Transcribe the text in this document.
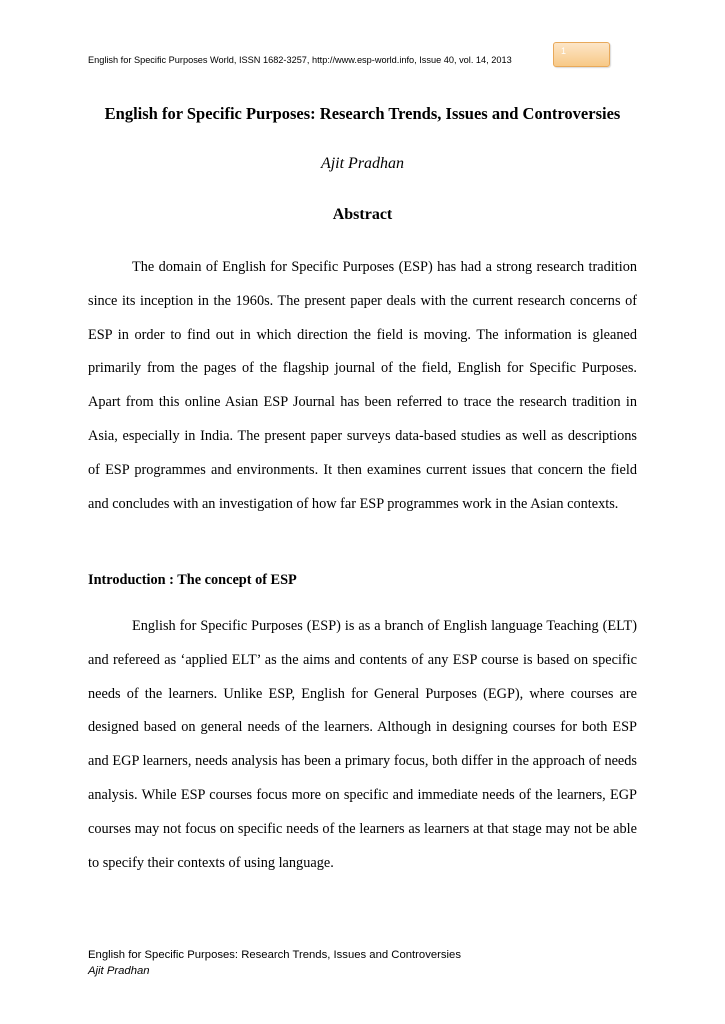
English for Specific Purposes World, ISSN 1682-3257, http://www.esp-world.info, Issue 40, vol. 14, 2013
1
English for Specific Purposes: Research Trends, Issues and Controversies
Ajit Pradhan
Abstract

The domain of English for Specific Purposes (ESP) has had a strong research tradition since its inception in the 1960s. The present paper deals with the current research concerns of ESP in order to find out in which direction the field is moving. The information is gleaned primarily from the pages of the flagship journal of the field, English for Specific Purposes. Apart from this online Asian ESP Journal has been referred to trace the research tradition in Asia, especially in India. The present paper surveys data-based studies as well as descriptions of ESP programmes and environments. It then examines current issues that concern the field and concludes with an investigation of how far ESP programmes work in the Asian contexts.

Introduction : The concept of ESP

English for Specific Purposes (ESP) is as a branch of English language Teaching (ELT) and refereed as ‘applied ELT’ as the aims and contents of any ESP course is based on specific needs of the learners. Unlike ESP, English for General Purposes (EGP), where courses are designed based on general needs of the learners. Although in designing courses for both ESP and EGP learners, needs analysis has been a primary focus, both differ in the approach of needs analysis. While ESP courses focus more on specific and immediate needs of the learners, EGP courses may not focus on specific needs of the learners as learners at that stage may not be able to specify their contexts of using language.

English for Specific Purposes: Research Trends, Issues and Controversies
Ajit Pradhan
